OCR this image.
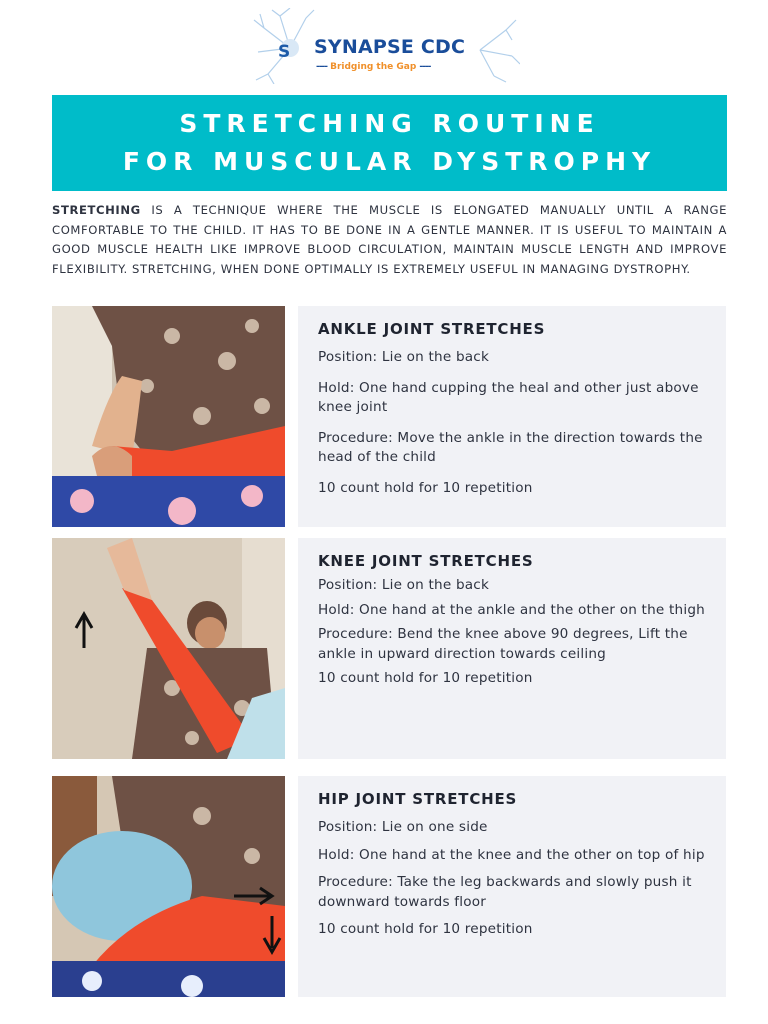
S SYNAPSE CDC
---- Bridging the Gap ----
STRETCHING ROUTINE
FOR MUSCULAR DYSTROPHY
STRETCHING IS A TECHNIQUE WHERE THE MUSCLE IS ELONGATED MANUALLY UNTIL A RANGE COMFORTABLE TO THE CHILD. IT HAS TO BE DONE IN A GENTLE MANNER. IT IS USEFUL TO MAINTAIN A GOOD MUSCLE HEALTH LIKE IMPROVE BLOOD CIRCULATION, MAINTAIN MUSCLE LENGTH AND IMPROVE FLEXIBILITY. STRETCHING, WHEN DONE OPTIMALLY IS EXTREMELY USEFUL IN MANAGING DYSTROPHY.
ANKLE JOINT STRETCHES

Position: Lie on the back

Hold: One hand cupping the heal and other just above knee joint

Procedure: Move the ankle in the direction towards the head of the child

10 count hold for 10 repetition

KNEE JOINT STRETCHES

Position: Lie on the back

Hold: One hand at the ankle and the other on the thigh

Procedure: Bend the knee above 90 degrees, Lift the ankle in upward direction towards ceiling

10 count hold for 10 repetition

HIP JOINT STRETCHES

Position: Lie on one side

Hold: One hand at the knee and the other on top of hip

Procedure: Take the leg backwards and slowly push it downward towards floor

10 count hold for 10 repetition
